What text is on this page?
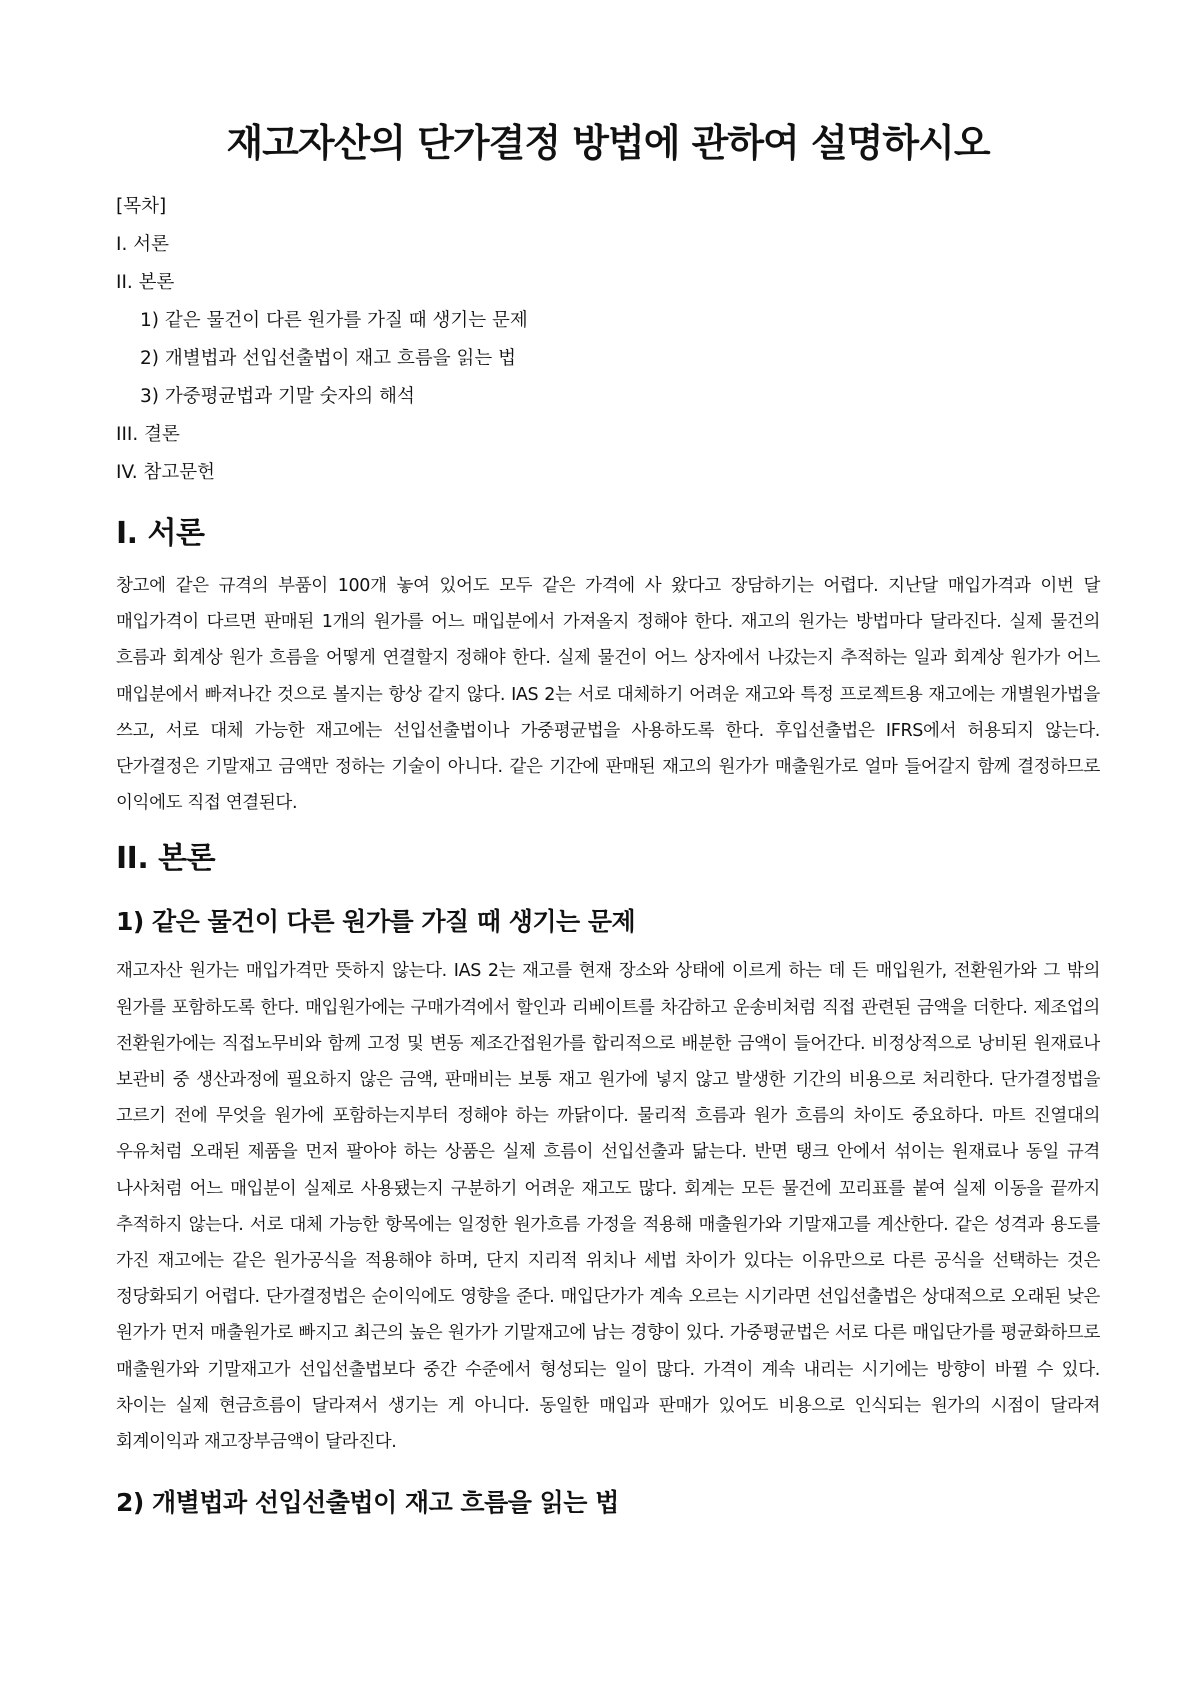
재고자산의 단가결정 방법에 관하여 설명하시오
[목차]
I. 서론
II. 본론
1) 같은 물건이 다른 원가를 가질 때 생기는 문제
2) 개별법과 선입선출법이 재고 흐름을 읽는 법
3) 가중평균법과 기말 숫자의 해석
III. 결론
IV. 참고문헌
I. 서론

창고에 같은 규격의 부품이 100개 놓여 있어도 모두 같은 가격에 사 왔다고 장담하기는 어렵다. 지난달 매입가격과 이번 달 매입가격이 다르면 판매된 1개의 원가를 어느 매입분에서 가져올지 정해야 한다. 재고의 원가는 방법마다 달라진다. 실제 물건의 흐름과 회계상 원가 흐름을 어떻게 연결할지 정해야 한다. 실제 물건이 어느 상자에서 나갔는지 추적하는 일과 회계상 원가가 어느 매입분에서 빠져나간 것으로 볼지는 항상 같지 않다. IAS 2는 서로 대체하기 어려운 재고와 특정 프로젝트용 재고에는 개별원가법을 쓰고, 서로 대체 가능한 재고에는 선입선출법이나 가중평균법을 사용하도록 한다. 후입선출법은 IFRS에서 허용되지 않는다. 단가결정은 기말재고 금액만 정하는 기술이 아니다. 같은 기간에 판매된 재고의 원가가 매출원가로 얼마 들어갈지 함께 결정하므로 이익에도 직접 연결된다.

II. 본론
1) 같은 물건이 다른 원가를 가질 때 생기는 문제

재고자산 원가는 매입가격만 뜻하지 않는다. IAS 2는 재고를 현재 장소와 상태에 이르게 하는 데 든 매입원가, 전환원가와 그 밖의 원가를 포함하도록 한다. 매입원가에는 구매가격에서 할인과 리베이트를 차감하고 운송비처럼 직접 관련된 금액을 더한다. 제조업의 전환원가에는 직접노무비와 함께 고정 및 변동 제조간접원가를 합리적으로 배분한 금액이 들어간다. 비정상적으로 낭비된 원재료나 보관비 중 생산과정에 필요하지 않은 금액, 판매비는 보통 재고 원가에 넣지 않고 발생한 기간의 비용으로 처리한다. 단가결정법을 고르기 전에 무엇을 원가에 포함하는지부터 정해야 하는 까닭이다. 물리적 흐름과 원가 흐름의 차이도 중요하다. 마트 진열대의 우유처럼 오래된 제품을 먼저 팔아야 하는 상품은 실제 흐름이 선입선출과 닮는다. 반면 탱크 안에서 섞이는 원재료나 동일 규격 나사처럼 어느 매입분이 실제로 사용됐는지 구분하기 어려운 재고도 많다. 회계는 모든 물건에 꼬리표를 붙여 실제 이동을 끝까지 추적하지 않는다. 서로 대체 가능한 항목에는 일정한 원가흐름 가정을 적용해 매출원가와 기말재고를 계산한다. 같은 성격과 용도를 가진 재고에는 같은 원가공식을 적용해야 하며, 단지 지리적 위치나 세법 차이가 있다는 이유만으로 다른 공식을 선택하는 것은 정당화되기 어렵다. 단가결정법은 순이익에도 영향을 준다. 매입단가가 계속 오르는 시기라면 선입선출법은 상대적으로 오래된 낮은 원가가 먼저 매출원가로 빠지고 최근의 높은 원가가 기말재고에 남는 경향이 있다. 가중평균법은 서로 다른 매입단가를 평균화하므로 매출원가와 기말재고가 선입선출법보다 중간 수준에서 형성되는 일이 많다. 가격이 계속 내리는 시기에는 방향이 바뀔 수 있다. 차이는 실제 현금흐름이 달라져서 생기는 게 아니다. 동일한 매입과 판매가 있어도 비용으로 인식되는 원가의 시점이 달라져 회계이익과 재고장부금액이 달라진다.

2) 개별법과 선입선출법이 재고 흐름을 읽는 법
